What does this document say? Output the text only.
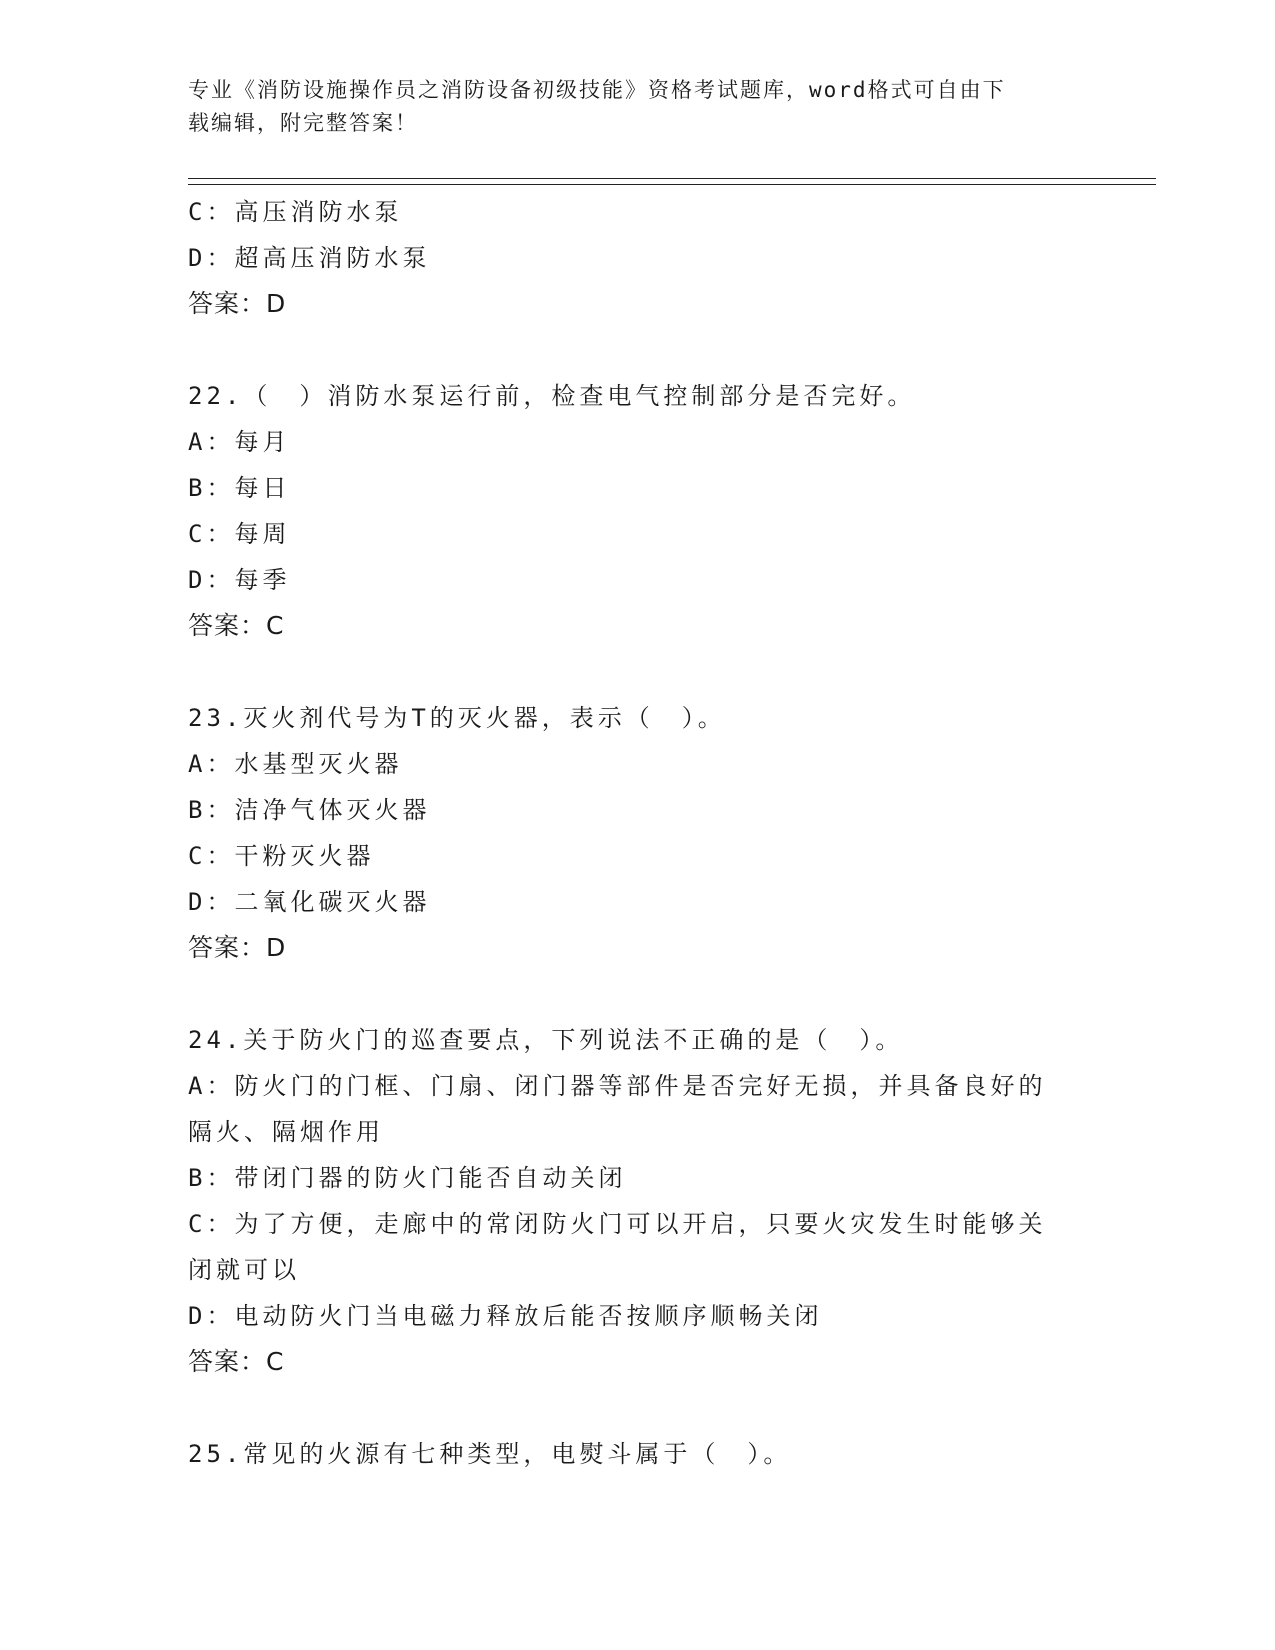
专业《消防设施操作员之消防设备初级技能》资格考试题库，word格式可自由下
载编辑，附完整答案！
C：高压消防水泵
D：超高压消防水泵
答案：D
22.（　）消防水泵运行前，检查电气控制部分是否完好。
A：每月
B：每日
C：每周
D：每季
答案：C
23.灭火剂代号为T的灭火器，表示（　）。
A：水基型灭火器
B：洁净气体灭火器
C：干粉灭火器
D：二氧化碳灭火器
答案：D
24.关于防火门的巡查要点，下列说法不正确的是（　）。
A：防火门的门框、门扇、闭门器等部件是否完好无损，并具备良好的
隔火、隔烟作用
B：带闭门器的防火门能否自动关闭
C：为了方便，走廊中的常闭防火门可以开启，只要火灾发生时能够关
闭就可以
D：电动防火门当电磁力释放后能否按顺序顺畅关闭
答案：C
25.常见的火源有七种类型，电熨斗属于（　）。
